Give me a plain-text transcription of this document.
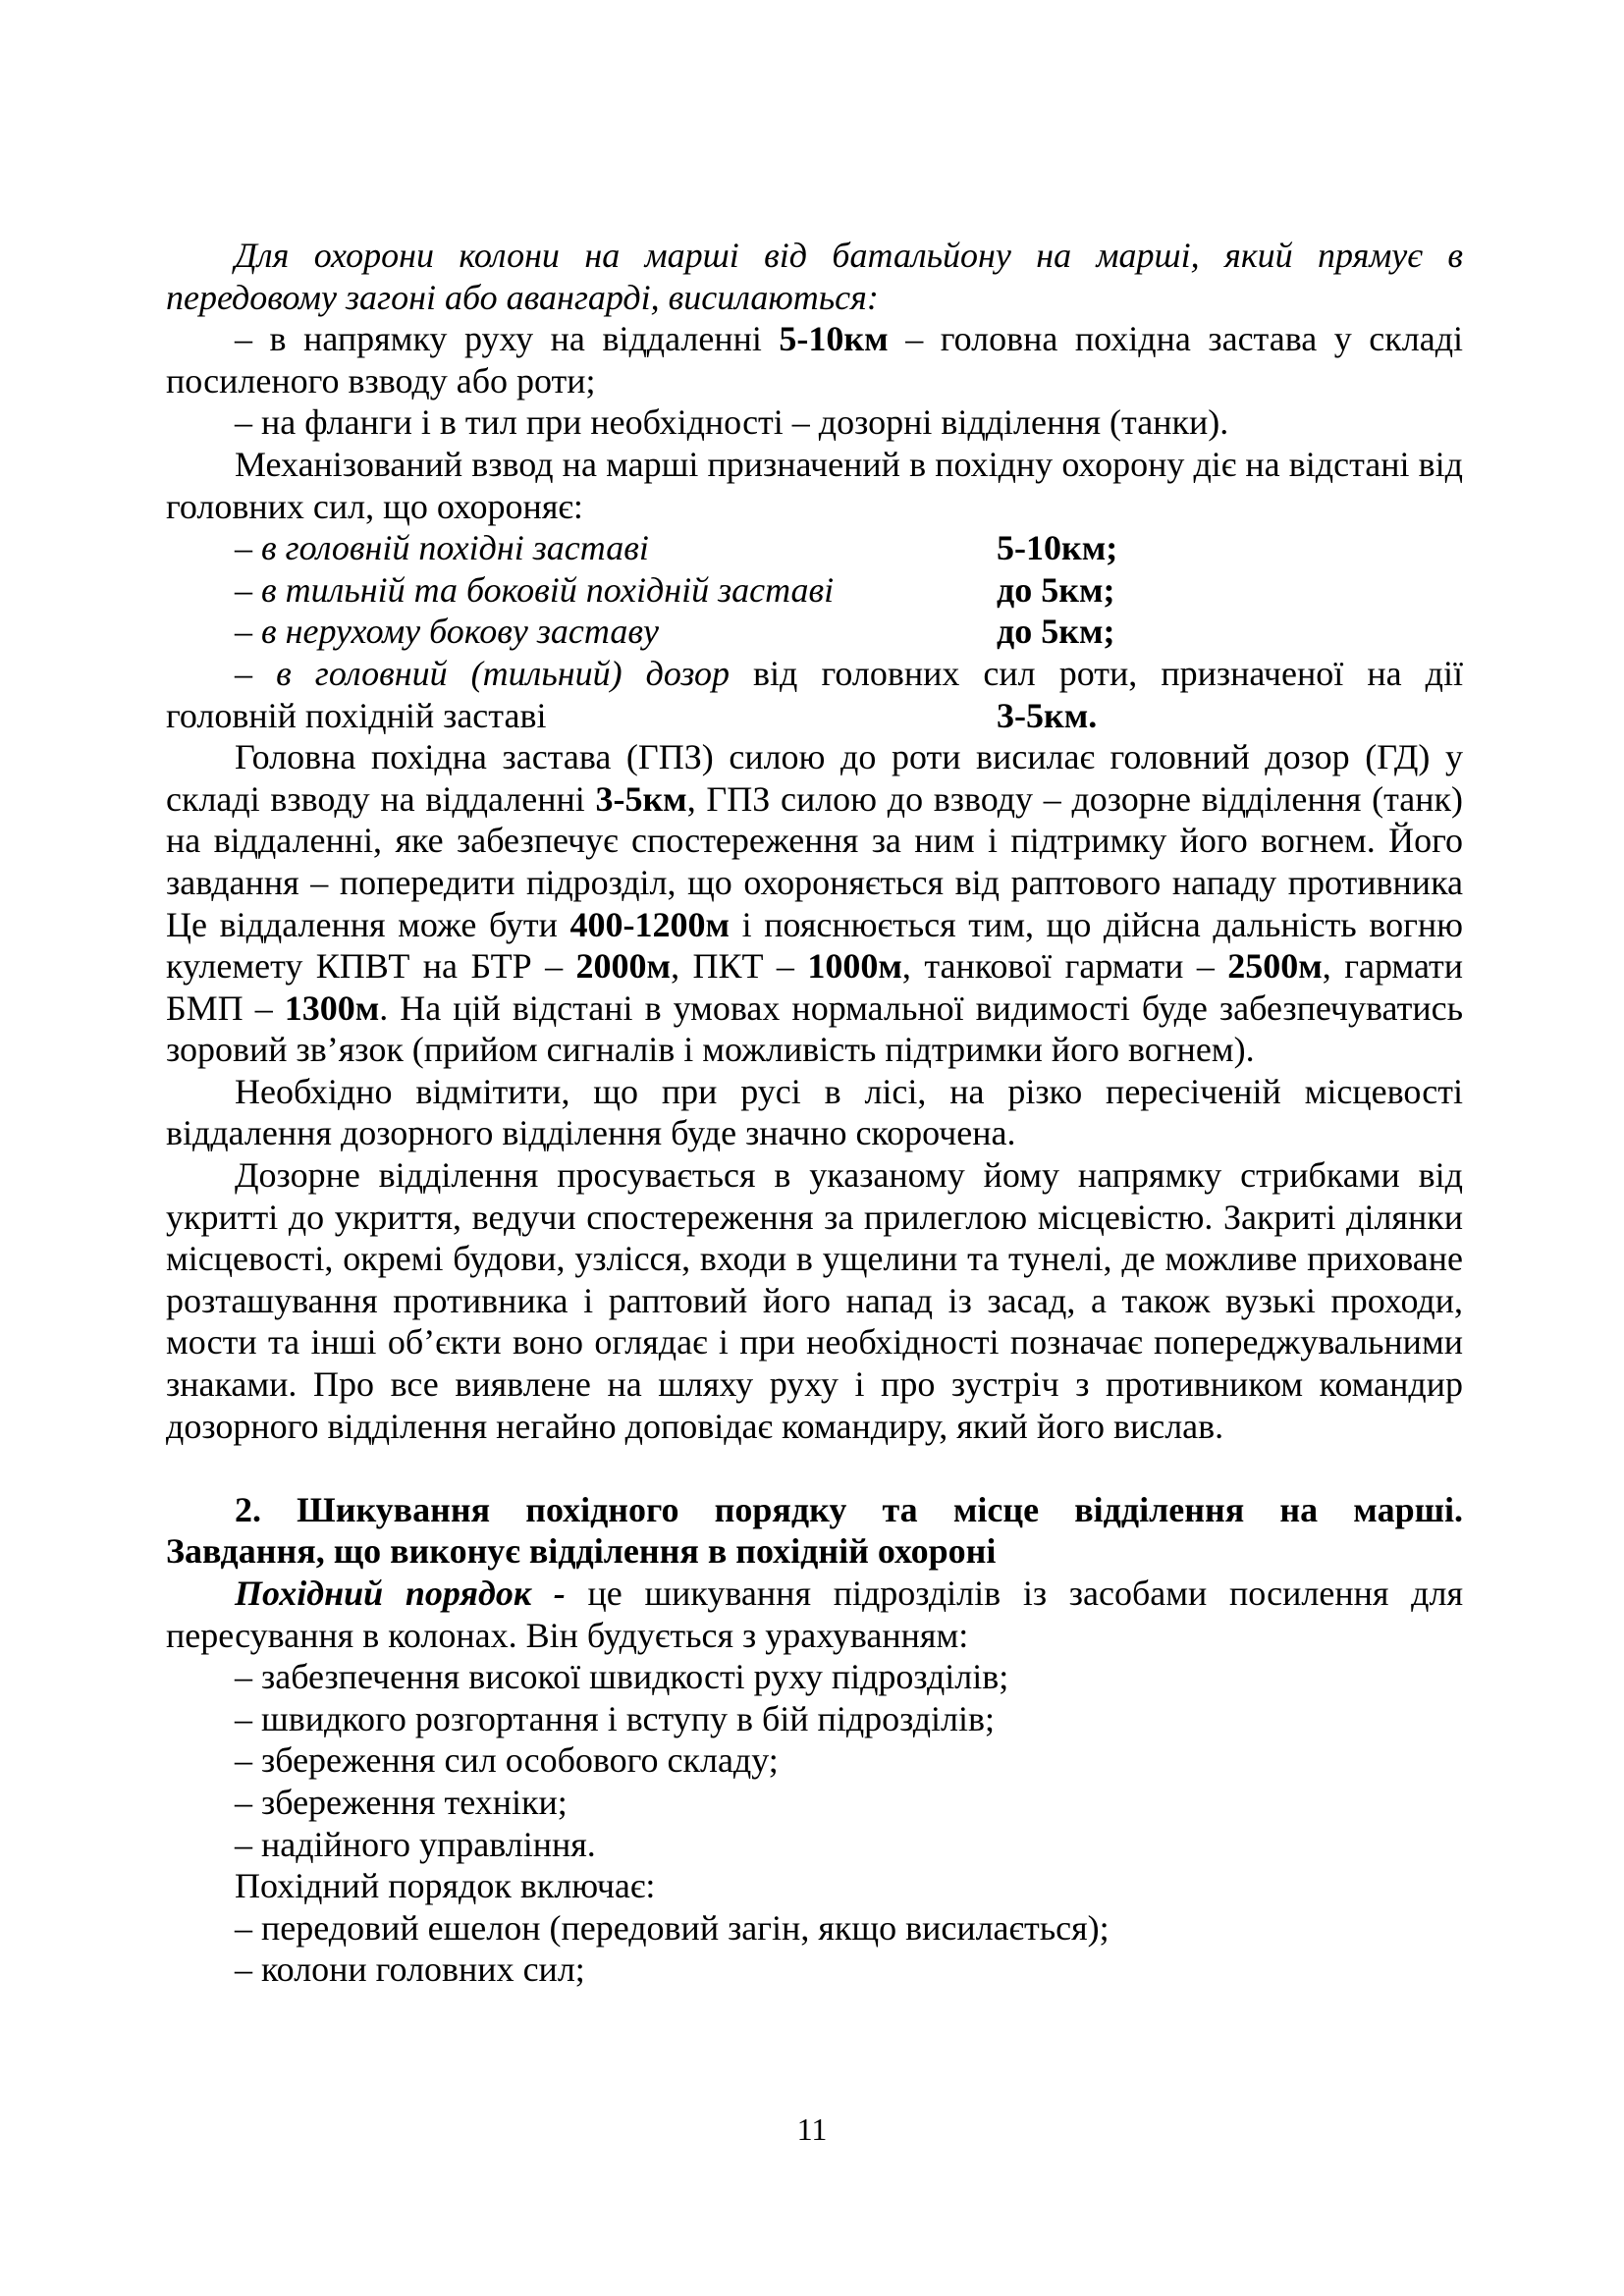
Для охорони колони на марші від батальйону на марші, який прямує в передовому загоні або авангарді, висилаються:

– в напрямку руху на віддаленні 5-10км – головна похідна застава у складі посиленого взводу або роти;

– на фланги і в тил при необхідності – дозорні відділення (танки).

Механізований взвод на марші призначений в похідну охорону діє на відстані від головних сил, що охороняє:

– в головній похідні заставі	5-10км;
– в тильній та боковій похідній заставі	до 5км;
– в нерухому бокову заставу	до 5км;
– в головний (тильний) дозор від головних сил роти, призначеної на дії
головній похідній заставі	3-5км.

Головна похідна застава (ГПЗ) силою до роти висилає головний дозор (ГД) у складі взводу на віддаленні 3-5км, ГПЗ силою до взводу – дозорне відділення (танк) на віддаленні, яке забезпечує спостереження за ним і підтримку його вогнем. Його завдання – попередити підрозділ, що охороняється від раптового нападу противника Це віддалення може бути 400-1200м і пояснюється тим, що дійсна дальність вогню кулемету КПВТ на БТР – 2000м, ПКТ – 1000м, танкової гармати – 2500м, гармати БМП – 1300м. На цій відстані в умовах нормальної видимості буде забезпечуватись зоровий зв’язок (прийом сигналів і можливість підтримки його вогнем).

Необхідно відмітити, що при русі в лісі, на різко пересіченій місцевості віддалення дозорного відділення буде значно скорочена.

Дозорне відділення просувається в указаному йому напрямку стрибками від укритті до укриття, ведучи спостереження за прилеглою місцевістю. Закриті ділянки місцевості, окремі будови, узлісся, входи в ущелини та тунелі, де можливе приховане розташування противника і раптовий його напад із засад, а також вузькі проходи, мости та інші об’єкти воно оглядає і при необхідності позначає попереджувальними знаками. Про все виявлене на шляху руху і про зустріч з противником командир дозорного відділення негайно доповідає командиру, який його вислав.

2. Шикування похідного порядку та місце відділення на марші.
Завдання, що виконує відділення в похідній охороні

Похідний порядок - це шикування підрозділів із засобами посилення для пересування в колонах. Він будується з урахуванням:

– забезпечення високої швидкості руху підрозділів;
– швидкого розгортання і вступу в бій підрозділів;
– збереження сил особового складу;
– збереження техніки;
– надійного управління.
Похідний порядок включає:
– передовий ешелон (передовий загін, якщо висилається);
– колони головних сил;
11
